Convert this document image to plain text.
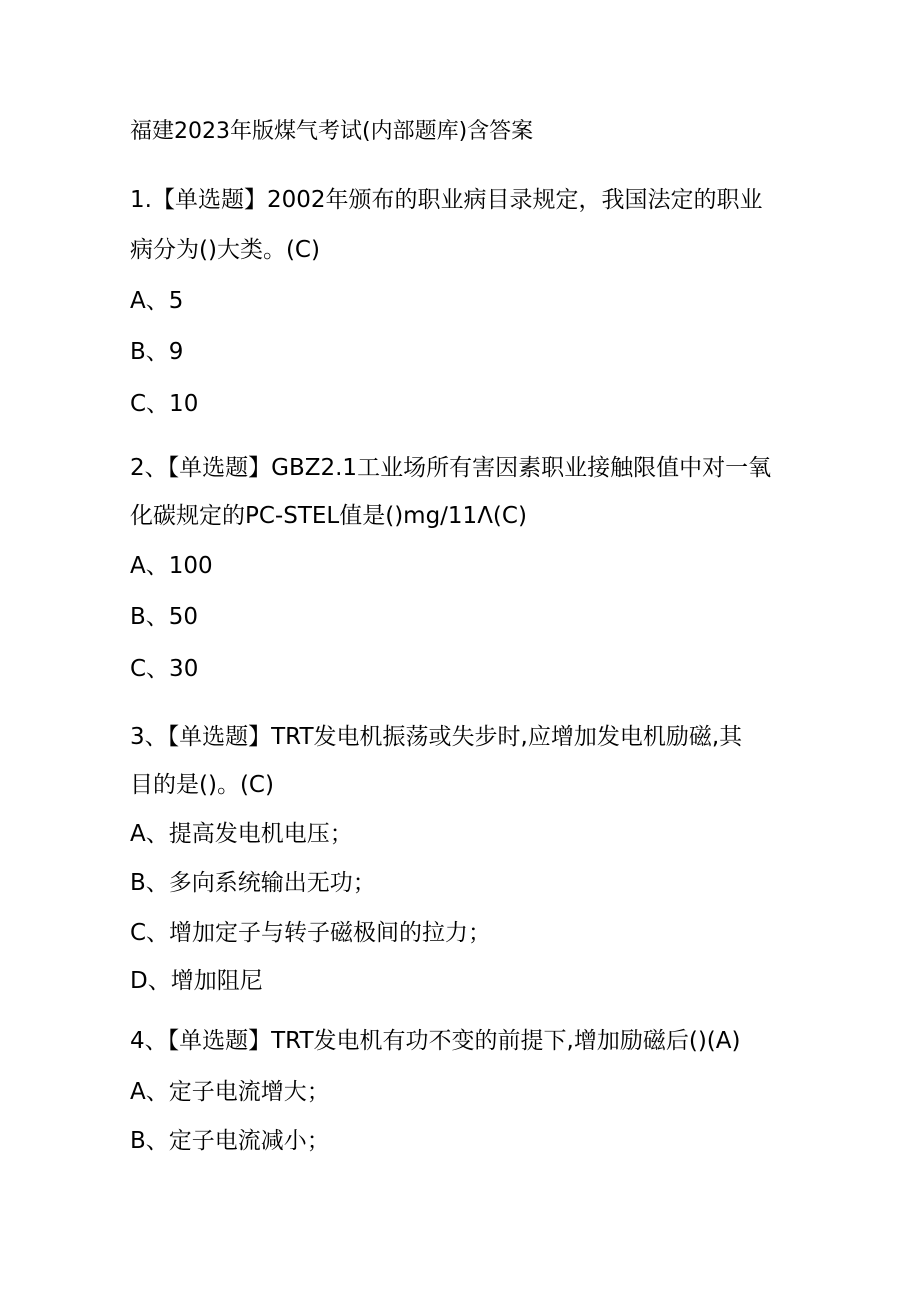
福建2023年版煤气考试(内部题库)含答案
1.【单选题】2002年颁布的职业病目录规定，我国法定的职业
病分为()大类。(C)
A、5
B、9
C、10
2、【单选题】GBZ2.1工业场所有害因素职业接触限值中对一氧
化碳规定的PC-STEL值是()mg∕11Λ(C)
A、100
B、50
C、30
3、【单选题】TRT发电机振荡或失步时,应增加发电机励磁,其
目的是()。(C)
A、提高发电机电压；
B、多向系统输出无功；
C、增加定子与转子磁极间的拉力；
D、增加阻尼
4、【单选题】TRT发电机有功不变的前提下,增加励磁后()(A)
A、定子电流增大；
B、定子电流减小；
